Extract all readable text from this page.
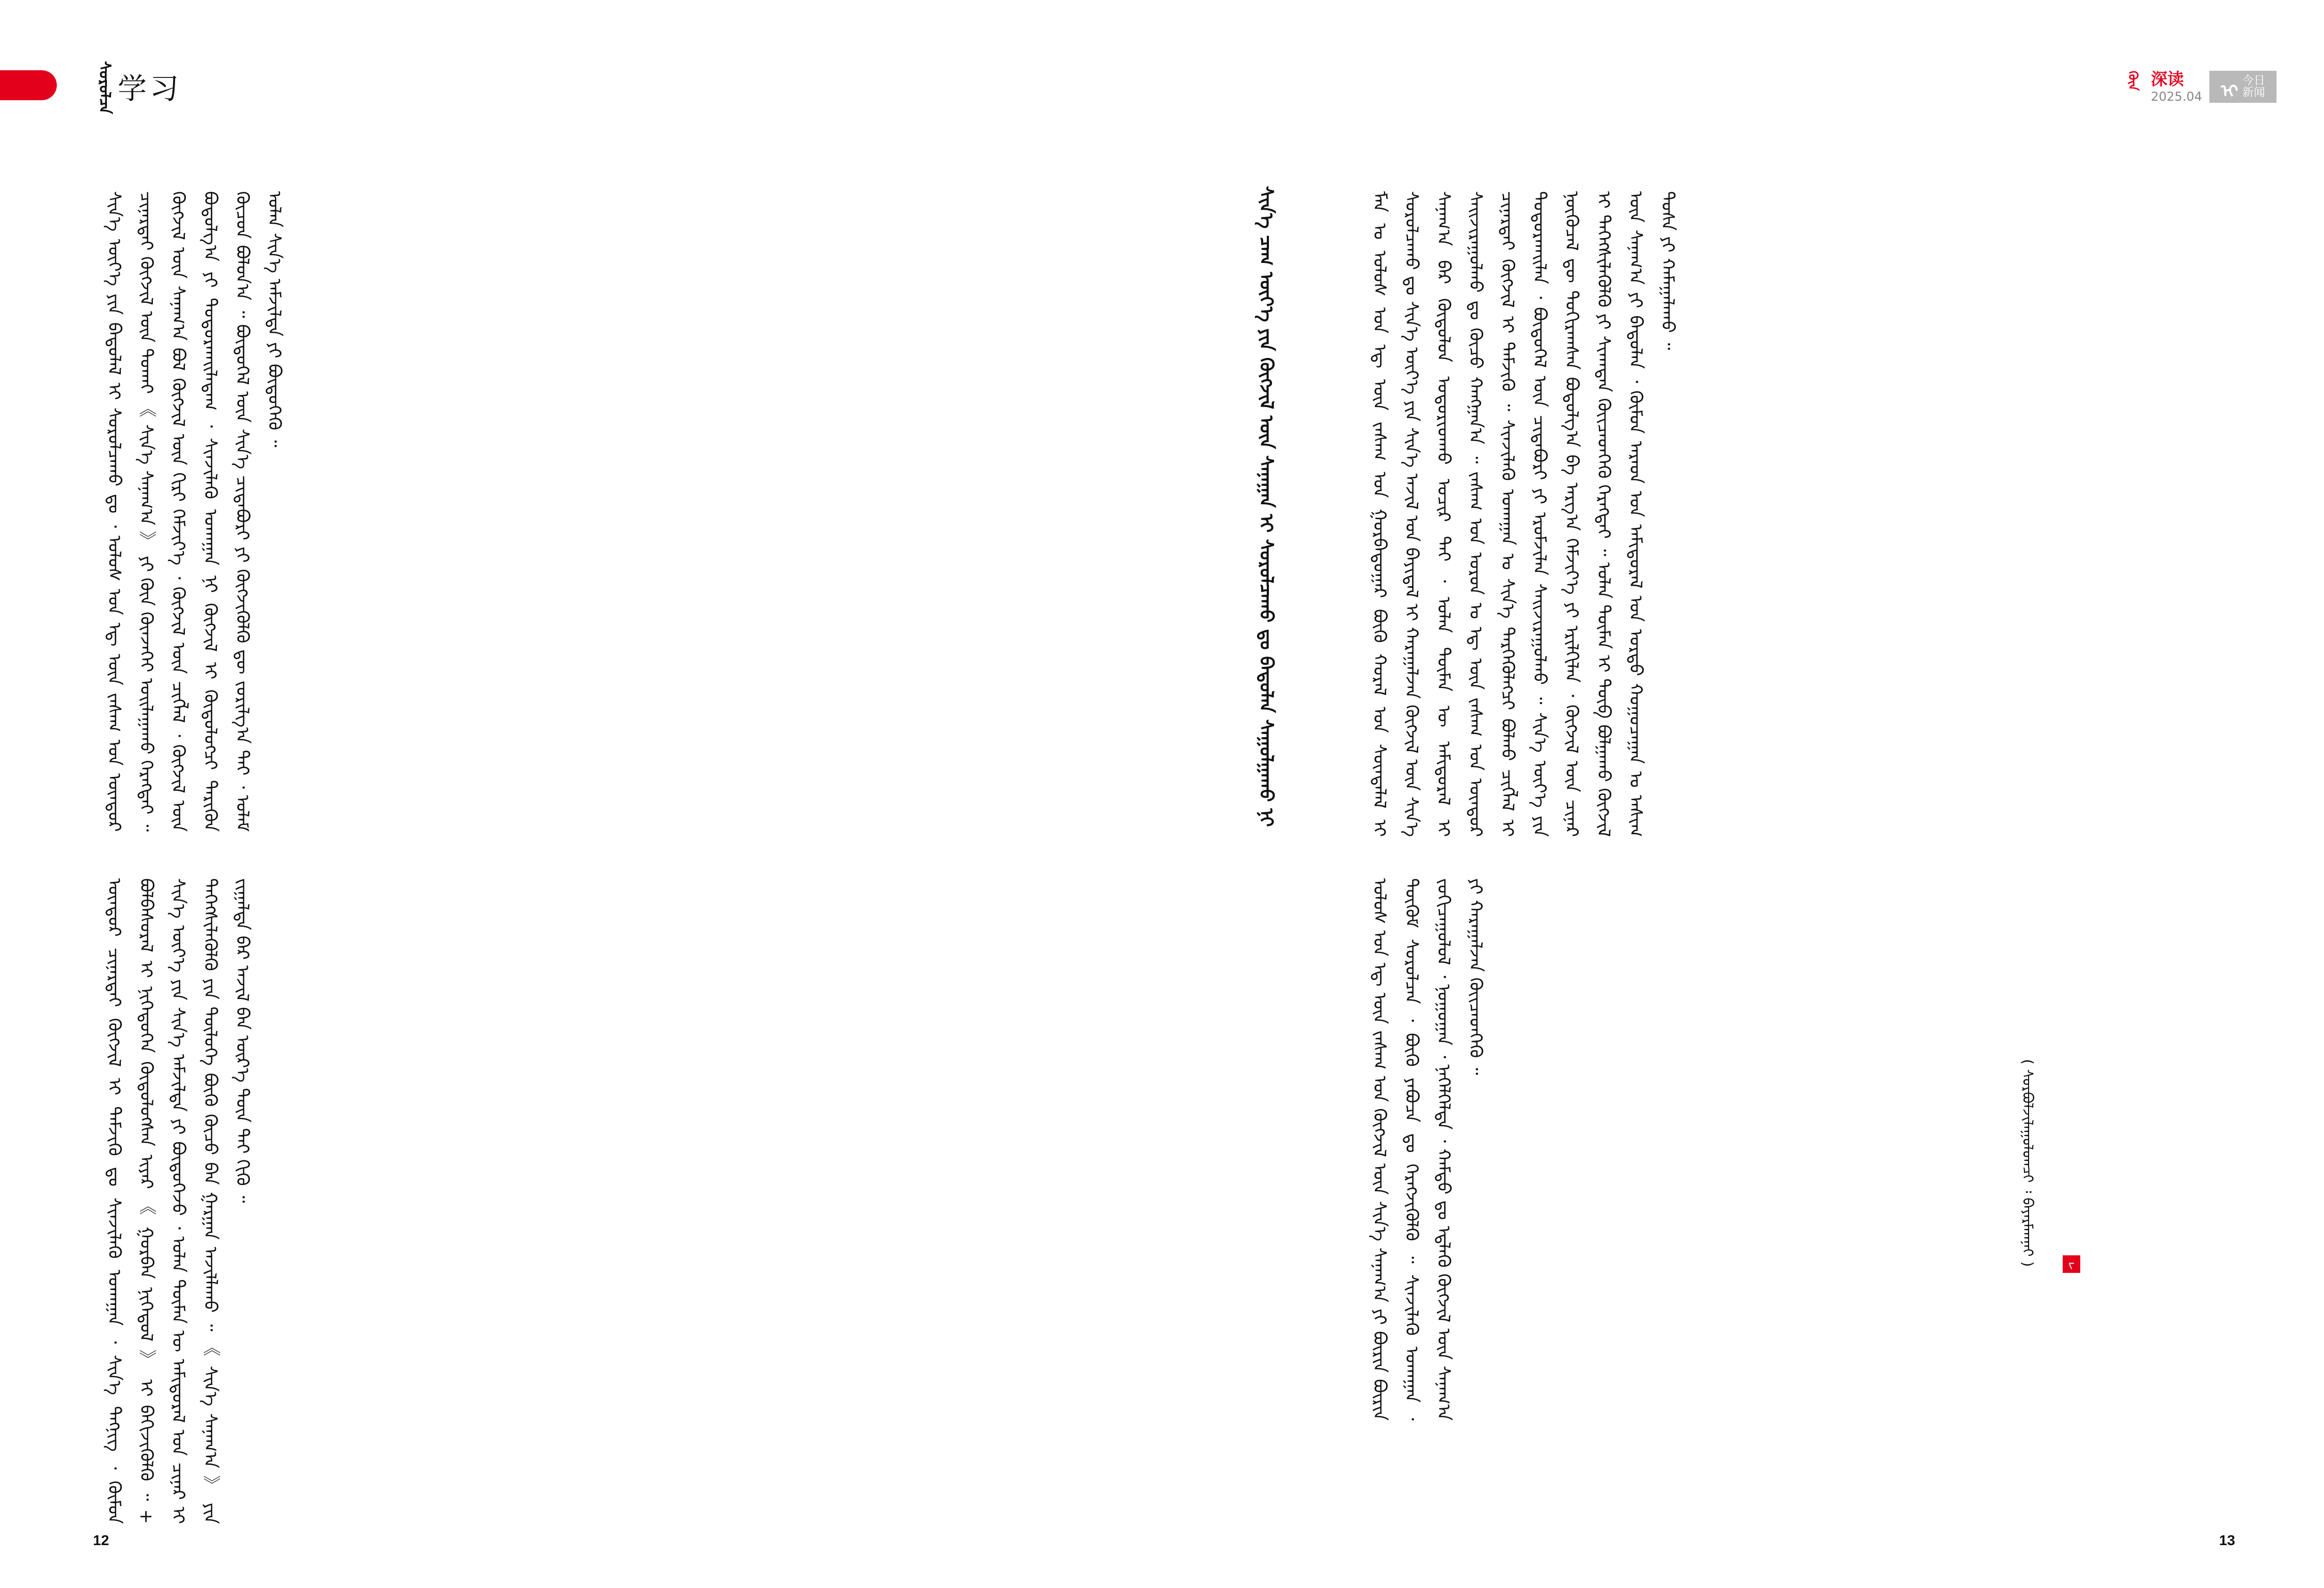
ᠰᠤᠷᠤᠯᠴᠠ 学习	ᠭᠦᠨ 深读
2025.04 ᠢ
今日
新闻
ᠰᠢᠨ᠎ᠡ ᠦᠶ᠎ᠡ ᠶᠢᠨ ᠪᠠᠲᠤᠯᠠᠯ ᠢ ᠰᠤᠷᠤᠯᠴᠠᠬᠤ ᠳᠤ ᠂ ᠤᠯᠤᠰ ᠤᠨ ᠡᠳ᠋ ᠦᠨ ᠵᠠᠰᠠᠭ ᠤᠨ ᠥᠨᠳᠦᠷ ᠴᠢᠨᠠᠷᠲᠠᠢ ᠬᠥᠭᠵᠢᠯ ᠦᠨ ᠲᠤᠬᠠᠢ 《 ᠰᠢᠨ᠎ᠡ ᠰᠠᠨᠠᠭ᠎ᠠ 》 ᠶᠢ ᠭᠦᠨ ᠭᠦᠨᠵᠡᠭᠡᠢ ᠣᠢᠯᠠᠭᠠᠬᠤ ᠬᠡᠷᠡᠭᠲᠡᠢ ᠃ ᠬᠥᠭᠵᠢᠯ ᠦᠨ ᠰᠠᠨᠠᠭ᠎ᠠ ᠪᠣᠯ ᠬᠥᠭᠵᠢᠯ ᠦᠨ ᠬᠢᠷᠢ ᠬᠡᠮᠵᠢᠶ᠎ᠡ ᠂ ᠬᠥᠭᠵᠢᠯ ᠦᠨ ᠴᠢᠭᠯᠡᠯ ᠂ ᠬᠥᠭᠵᠢᠯ ᠦᠨ ᠪᠣᠳᠤᠯᠭ᠎ᠠ ᠶᠢ ᠲᠣᠳᠤᠷᠬᠠᠢᠯᠠᠳᠠᠭ ᠂ ᠰᠢᠨᠵᠢᠯᠡᠬᠦ ᠤᠬᠠᠭᠠᠨ ᠨᠢ ᠬᠥᠭᠵᠢᠯ ᠢ ᠬᠥᠲᠦᠯᠦᠭᠴᠢ ᠲᠡᠷᠢᠭᠦᠨ ᠬᠦᠴᠦᠨ ᠪᠣᠯᠤᠨ᠎ᠠ ᠃ ᠪᠦᠲᠦᠭᠡᠯ ᠦᠨ ᠰᠢᠨ᠎ᠡ ᠴᠢᠳᠠᠪᠤᠷᠢ ᠶᠢ ᠬᠥᠭᠵᠢᠭᠦᠯᠬᠦ ᠳᠦ ᠵᠣᠷᠢᠯᠭ᠎ᠠ ᠲᠠᠢ ᠂ ᠤᠯᠠᠮ ᠣᠯᠠᠨ ᠰᠢᠨ᠎ᠡ ᠠᠮᠵᠢᠯᠲᠠ ᠶᠢ ᠪᠦᠲᠦᠭᠡᠬᠦ ᠃
ᠥᠨᠳᠦᠷ ᠴᠢᠨᠠᠷᠲᠠᠢ ᠬᠥᠭᠵᠢᠯ ᠢ ᠳᠡᠮᠵᠢᠬᠦ ᠳᠤ ᠰᠢᠨᠵᠢᠯᠡᠬᠦ ᠤᠬᠠᠭᠠᠨ ᠂ ᠰᠢᠨ᠎ᠡ ᠲᠡᠭᠨᠢᠭ ᠂ ᠬᠦᠮᠦᠨ ᠪᠣᠯᠪᠠᠰᠤᠷᠠᠯ ᠢ ᠨᠢᠭᠡᠳᠦᠭᠡᠨ ᠬᠥᠲᠦᠯᠦᠭᠰᠡᠨ ᠢᠶᠡᠷ 《 ᠭᠤᠷᠪᠠᠨ ᠨᠢᠭᠡᠳᠦᠯ 》 ᠢ ᠪᠡᠬᠢᠵᠢᠭᠦᠯᠬᠦ ᠃ + ᠰᠢᠨ᠎ᠡ ᠦᠶ᠎ᠡ ᠶᠢᠨ ᠰᠢᠨ᠎ᠡ ᠠᠮᠵᠢᠯᠲᠠ ᠶᠢ ᠪᠦᠲᠦᠭᠡᠵᠦ ᠂ ᠣᠯᠠᠨ ᠲᠦᠮᠡᠨ ᠦ ᠠᠮᠢᠳᠤᠷᠠᠯ ᠤᠨ ᠴᠢᠨᠠᠷ ᠢ ᠳᠡᠭᠡᠭᠰᠢᠯᠡᠭᠦᠯᠬᠦ ᠶᠢᠨ ᠲᠥᠯᠦᠭᠡ ᠪᠦᠬᠦ ᠬᠦᠴᠦ ᠪᠡᠨ ᠭᠠᠷᠭᠠᠨ ᠠᠵᠢᠯᠯᠠᠬᠤ ᠃ 《 ᠰᠢᠨ᠎ᠡ ᠰᠠᠨᠠᠭ᠎ᠠ 》 ᠶᠢᠨ ᠵᠢᠭᠠᠯᠲᠠ ᠪᠠᠷ ᠠᠵᠢᠯ ᠪᠠᠨ ᠦᠷ᠎ᠡ ᠳᠦᠨ ᠲᠠᠢ ᠬᠢᠬᠦ ᠃
ᠰᠢᠨ᠎ᠡ ᠴᠠᠭ ᠦᠶ᠎ᠡ ᠶᠢᠨ ᠬᠥᠭᠵᠢᠯ ᠦᠨ ᠰᠠᠨᠠᠭᠠᠨ ᠢ ᠰᠤᠷᠤᠯᠴᠠᠬᠤ ᠳᠤ ᠪᠠᠲᠤᠯᠠᠨ ᠰᠠᠭᠤᠯᠭᠠᠬᠤ ᠨᠢ	ᠮᠠᠨ ᠤ ᠤᠯᠤᠰ ᠤᠨ ᠡᠳ᠋ ᠦᠨ ᠵᠠᠰᠠᠭ ᠤᠨ ᠭᠤᠷᠪᠠᠳᠤᠭᠠᠷ ᠪᠦᠬᠦ ᠬᠤᠷᠠᠯ ᠤᠨ ᠰᠦᠨᠳᠡᠯᠡᠯ ᠢ ᠰᠤᠷᠤᠯᠴᠠᠬᠤ ᠳᠤ ᠰᠢᠨ᠎ᠡ ᠦᠶ᠎ᠡ ᠶᠢᠨ ᠰᠢᠨ᠎ᠡ ᠠᠵᠢᠯ ᠤᠨ ᠪᠠᠶᠢᠳᠠᠯ ᠢ ᠬᠠᠷᠠᠭᠠᠯᠵᠠᠨ ᠬᠥᠭᠵᠢᠯ ᠦᠨ ᠰᠢᠨ᠎ᠡ ᠰᠠᠨᠠᠭ᠎ᠠ ᠪᠠᠷ ᠬᠥᠲᠦᠯᠦᠨ ᠤᠳᠤᠷᠢᠳᠬᠤ ᠤᠴᠢᠷ ᠲᠠᠢ ᠂ ᠣᠯᠠᠨ ᠲᠦᠮᠡᠨ ᠦ ᠠᠮᠢᠳᠤᠷᠠᠯ ᠢ ᠰᠠᠢᠵᠢᠷᠠᠭᠤᠯᠬᠤ ᠳᠤ ᠬᠦᠴᠦ ᠬᠠᠩᠭᠠᠨ᠎ᠠ ᠃ ᠵᠠᠰᠠᠭ ᠤᠨ ᠣᠷᠤᠨ ᠤ ᠡᠳ᠋ ᠦᠨ ᠵᠠᠰᠠᠭ ᠤᠨ ᠥᠨᠳᠦᠷ ᠴᠢᠨᠠᠷᠲᠠᠢ ᠬᠥᠭᠵᠢᠯ ᠢ ᠳᠡᠮᠵᠢᠬᠦ ᠃ ᠰᠢᠨᠵᠢᠯᠡᠬᠦ ᠤᠬᠠᠭᠠᠨ ᠤ ᠰᠢᠨ᠎ᠡ ᠲᠡᠷᠭᠡᠭᠦᠯᠡᠭᠴᠢ ᠪᠣᠯᠬᠤ ᠴᠢᠭᠯᠡᠯ ᠢ ᠲᠤᠳᠤᠷᠬᠠᠢᠯᠠᠨ ᠂ ᠪᠦᠲᠦᠭᠡᠯ ᠦᠨ ᠴᠢᠳᠠᠪᠤᠷᠢ ᠶᠢ ᠡᠷᠦᠮᠵᠢᠯᠡᠨ ᠰᠠᠢᠵᠢᠷᠠᠭᠤᠯᠬᠤ ᠃ ᠰᠢᠨ᠎ᠡ ᠦᠶ᠎ᠡ ᠶᠢᠨ ᠨᠥᠬᠦᠴᠡᠯ ᠳᠦ ᠲᠣᠬᠢᠷᠠᠭᠰᠠᠨ ᠪᠣᠳᠤᠯᠭ᠎ᠠ ᠪᠠ ᠠᠷᠭ᠎ᠠ ᠬᠡᠮᠵᠢᠶ᠎ᠡ ᠶᠢ ᠡᠷᠢᠯᠬᠢᠯᠡᠨ ᠂ ᠬᠥᠭᠵᠢᠯ ᠦᠨ ᠴᠢᠨᠠᠷ ᠢ ᠳᠡᠭᠡᠭᠰᠢᠯᠡᠭᠦᠯᠬᠦ ᠶᠢ ᠰᠢᠬᠠᠳᠠᠨ ᠭᠦᠢᠴᠡᠳᠬᠡᠬᠦ ᠬᠡᠷᠡᠭᠲᠡᠢ ᠃ ᠣᠯᠠᠨ ᠲᠦᠮᠡᠨ ᠢ ᠲᠦᠪ ᠪᠣᠯᠭᠠᠬᠤ ᠬᠥᠭᠵᠢᠯ ᠦᠨ ᠰᠠᠨᠠᠭ᠎ᠠ ᠶᠢ ᠪᠠᠲᠤᠯᠠᠨ ᠂ ᠬᠦᠮᠦᠨ ᠠᠷᠠᠳ ᠤᠨ ᠠᠮᠢᠳᠤᠷᠠᠯ ᠤᠨ ᠤᠷᠲᠤ ᠬᠤᠭᠤᠴᠠᠭᠠᠨ ᠤ ᠠᠰᠢᠭ ᠲᠤᠰᠠ ᠶᠢ ᠬᠠᠮᠠᠭᠠᠯᠠᠬᠤ ᠃
ᠤᠯᠤᠰ ᠤᠨ ᠡᠳ᠋ ᠦᠨ ᠵᠠᠰᠠᠭ ᠤᠨ ᠬᠥᠭᠵᠢᠯ ᠦᠨ ᠰᠢᠨ᠎ᠡ ᠰᠠᠨᠠᠭ᠎ᠠ ᠶᠢ ᠪᠦᠷᠢᠨ ᠪᠦᠷᠢᠨ ᠳᠦᠭᠦᠮ ᠰᠤᠷᠤᠯᠴᠠᠨ ᠂ ᠪᠦᠬᠦ ᠶᠠᠪᠤᠴᠠ ᠳᠤ ᠬᠡᠷᠡᠭᠵᠢᠭᠦᠯᠬᠦ ᠃ ᠰᠢᠨᠵᠢᠯᠡᠬᠦ ᠤᠬᠠᠭᠠᠨ ᠂ ᠵᠣᠬᠢᠴᠠᠭᠤᠯᠤᠯ ᠂ ᠨᠣᠭᠤᠭᠠᠨ ᠂ ᠨᠡᠭᠡᠯᠭᠡᠯᠲᠡ ᠂ ᠬᠠᠮᠲᠤ ᠳᠤ ᠡᠳ᠋ᠯᠡᠬᠦ ᠬᠥᠭᠵᠢᠯ ᠦᠨ ᠰᠠᠨᠠᠭ᠎ᠠ ᠶᠢ ᠬᠠᠷᠠᠭᠠᠯᠵᠠᠨ ᠭᠦᠢᠴᠡᠳᠬᠡᠬᠦ ᠃
( ᠰᠤᠷᠪᠤᠯᠵᠢᠯᠠᠭᠤᠯᠤᠭᠴᠢ ᠄ ᠪᠠᠶᠠᠷᠮᠠᠭᠨᠠᠢ )	ᠵ
12	13
